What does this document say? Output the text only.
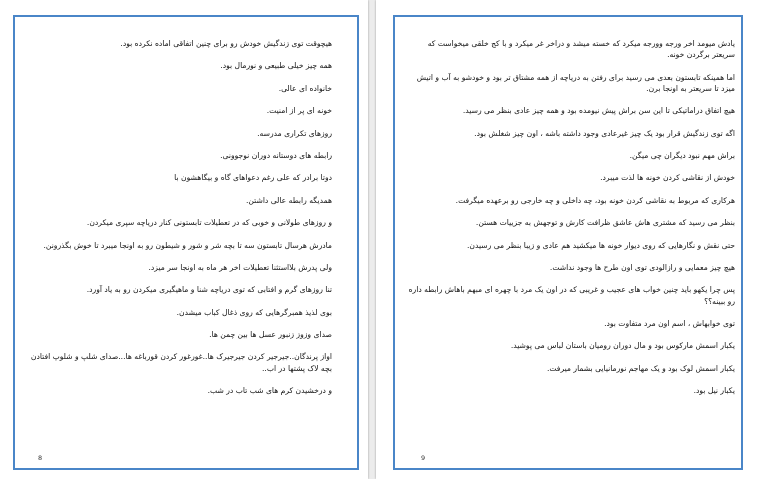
هیچوقت توی زندگیش خودش رو برای چنین اتفاقی اماده نکرده بود.

همه چیز خیلی طبیعی و نورمال بود.

خانواده ای عالی.

خونه ای پر از امنیت.

روزهای تکراری مدرسه.

رابطه های دوستانه دوران نوجوونی.

دوتا برادر که علی رغم دعواهای گاه و بیگاهشون با

همدیگه رابطه عالی داشتن.

و روزهای طولانی و خوبی که در تعطیلات تابستونی کنار دریاچه سپری میکردن.

مادرش هرسال تابستون سه تا بچه شر و شور و شیطون رو به اونجا میبرد تا خوش بگذرونن.

ولی پدرش بلااستثنا تعطیلات اخر هر ماه به اونجا سر میزد.

تنا روزهای گرم و افتابی که توی دریاچه شنا و ماهیگیری میکردن رو به یاد آورد.

بوی لذیذ همبرگرهایی که روی ذغال کباب میشدن.

صدای وزوز زنبور عسل ها بین چمن ها.

اواز پرندگان..جیرجیر کردن جیرجیرک ها..غورغور کردن قورباغه ها...صدای شلپ و شلوپ افتادن بچه لاک پشتها در اب..

و درخشیدن کرم های شب تاب در شب.

8

یادش میومد اخر ورجه وورجه میکرد که خسته میشد و دراخر غر میکرد و با کج خلقی میخواست که سریعتر برگردن خونه.

اما همینکه تابستون بعدی می رسید برای رفتن به دریاچه از همه مشتاق تر بود و خودشو به آب و اتیش میزد تا سریعتر به اونجا برن.

هیچ اتفاق دراماتیکی تا این سن براش پیش نیومده بود و همه چیز عادی بنظر می رسید.

اگه توی زندگیش قرار بود یک چیز غیرعادی وجود داشته باشه ، اون چیز شغلش بود.

براش مهم نبود دیگران چی میگن.

خودش از نقاشی کردن خونه ها لذت میبرد.

هرکاری که مربوط به نقاشی کردن خونه بود، چه داخلی و چه خارجی رو برعهده میگرفت.

بنظر می رسید که مشتری هاش عاشق ظرافت کارش و توجهش به جزییات هستن.

حتی نقش و نگارهایی که روی دیوار خونه ها میکشید هم عادی و زیبا بنظر می رسیدن.

هیچ چیز معمایی و رازالودی توی اون طرح ها وجود نداشت.

پس چرا یکهو باید چنین خواب های عجیب و غریبی که در اون یک مرد با چهره ای مبهم باهاش رابطه داره رو ببینه؟؟

توی خوابهاش ، اسم اون مرد متفاوت بود.

یکبار اسمش مارکوس بود و مال دوران رومیان باستان لباس می پوشید.

یکبار اسمش لوک بود و یک مهاجم نورمانیایی بشمار میرفت.

یکبار نیل بود.

9
